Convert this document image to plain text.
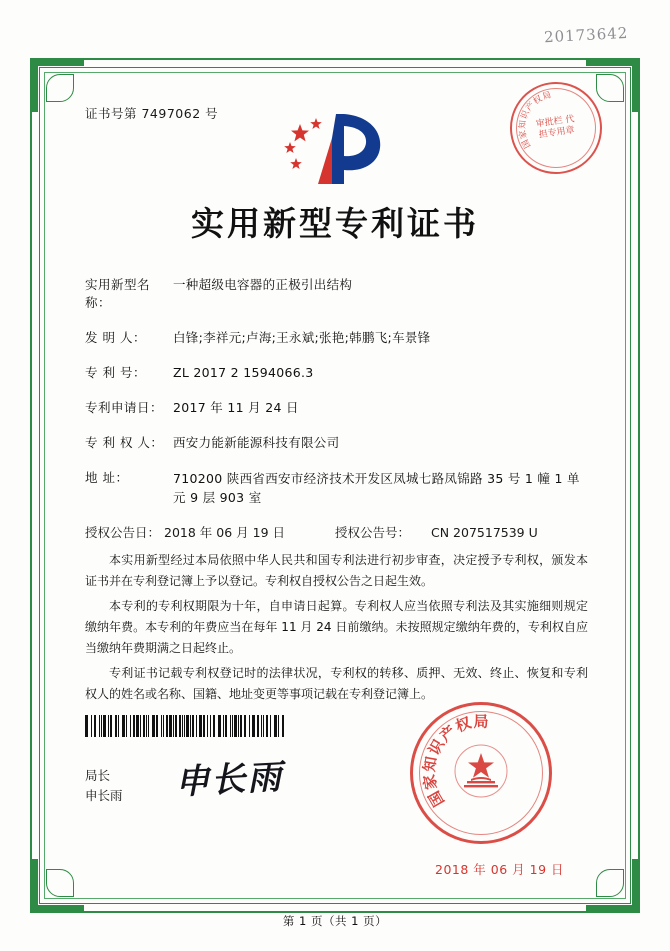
20173642
证书号第 7497062 号
国
家
知
识
产
权
局
审批栏 代担专用章
实用新型专利证书
实用新型名称：
一种超级电容器的正极引出结构
发 明 人：	白锋;李祥元;卢海;王永斌;张艳;韩鹏飞;车景锋
专 利 号：	ZL 2017 2 1594066.3
专利申请日： 2017 年 11 月 24 日
专 利 权 人： 西安力能新能源科技有限公司
地 址：	710200 陕西省西安市经济技术开发区凤城七路凤锦路 35 号 1 幢 1 单元 9 层 903 室
授权公告日： 2018 年 06 月 19 日	授权公告号：	CN 207517539 U

本实用新型经过本局依照中华人民共和国专利法进行初步审查，决定授予专利权，颁发本证书并在专利登记簿上予以登记。专利权自授权公告之日起生效。

本专利的专利权期限为十年，自申请日起算。专利权人应当依照专利法及其实施细则规定缴纳年费。本专利的年费应当在每年 11 月 24 日前缴纳。未按照规定缴纳年费的，专利权自应当缴纳年费期满之日起终止。

专利证书记载专利权登记时的法律状况，专利权的转移、质押、无效、终止、恢复和专利权人的姓名或名称、国籍、地址变更等事项记载在专利登记簿上。

局长
申长雨 申长雨	国
家
知
识
产
权 局
2018 年 06 月 19 日
第 1 页（共 1 页）
